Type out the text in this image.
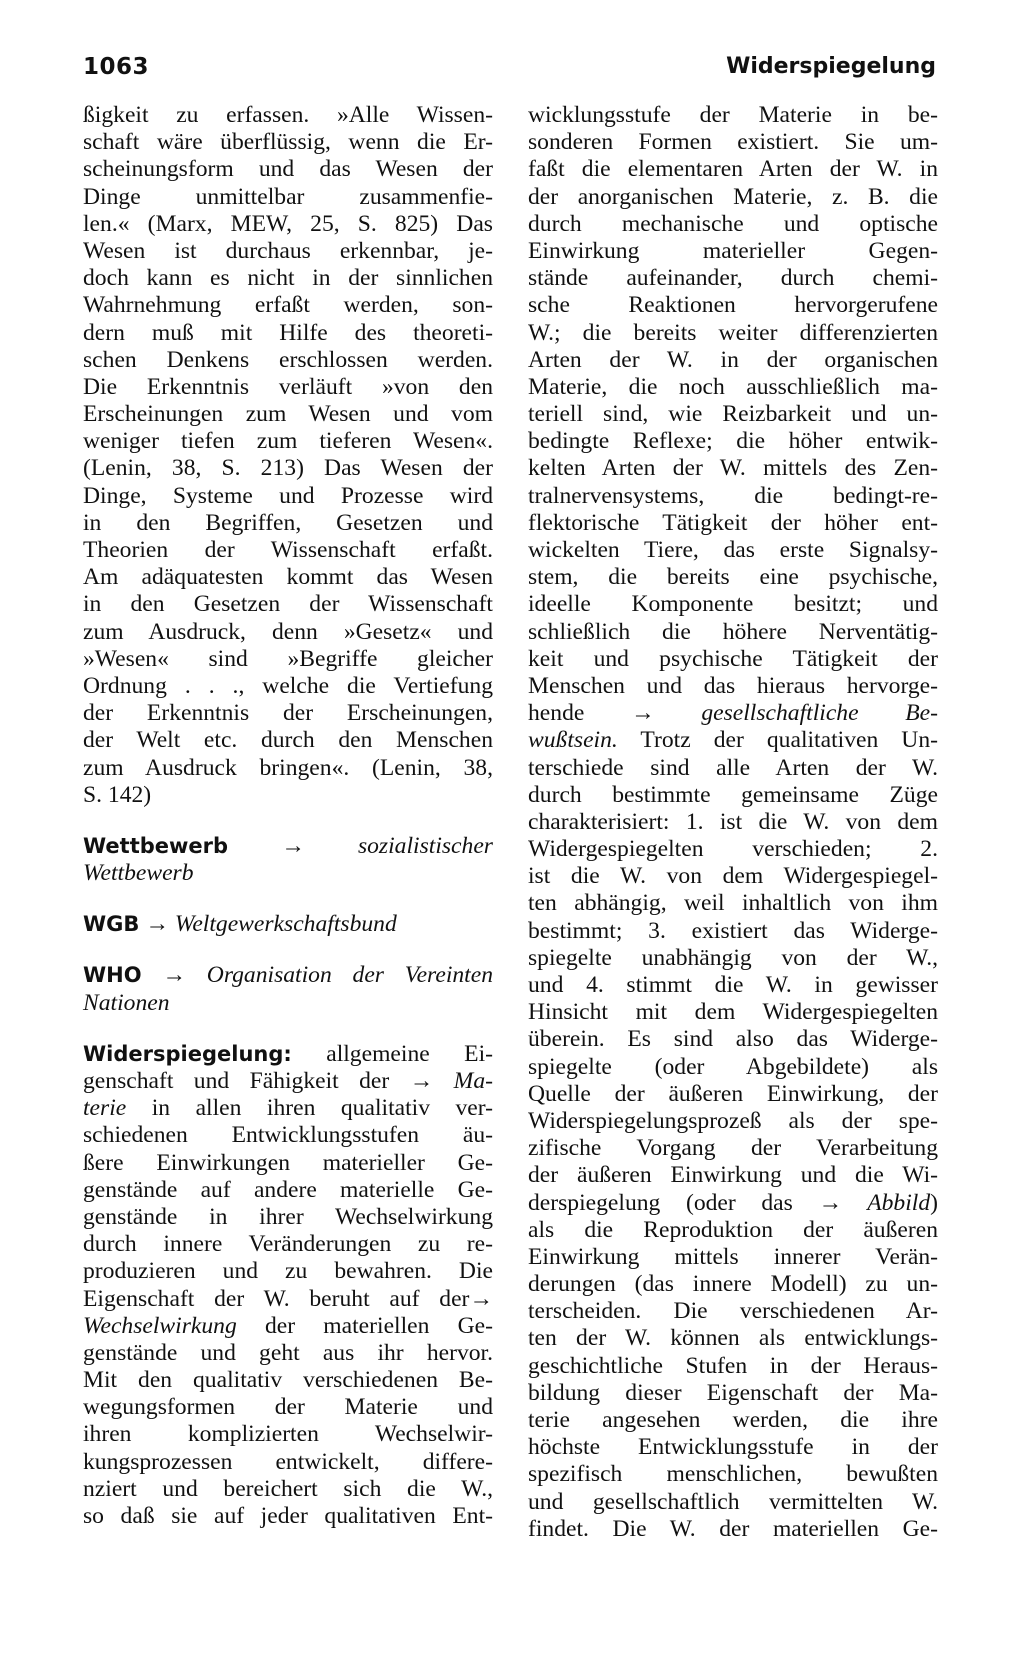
1063	Widerspiegelung
ßigkeit zu erfassen. »Alle Wissen-
schaft wäre überflüssig, wenn die Er-
scheinungsform und das Wesen der
Dinge unmittelbar zusammenfie-
len.« (Marx, MEW, 25, S. 825) Das
Wesen ist durchaus erkennbar, je-
doch kann es nicht in der sinnlichen
Wahrnehmung erfaßt werden, son-
dern muß mit Hilfe des theoreti-
schen Denkens erschlossen werden.
Die Erkenntnis verläuft »von den
Erscheinungen zum Wesen und vom
weniger tiefen zum tieferen Wesen«.
(Lenin, 38, S. 213) Das Wesen der
Dinge, Systeme und Prozesse wird
in den Begriffen, Gesetzen und
Theorien der Wissenschaft erfaßt.
Am adäquatesten kommt das Wesen
in den Gesetzen der Wissenschaft
zum Ausdruck, denn »Gesetz« und
»Wesen« sind »Begriffe gleicher
Ordnung . . ., welche die Vertiefung
der Erkenntnis der Erscheinungen,
der Welt etc. durch den Menschen
zum Ausdruck bringen«. (Lenin, 38,
S. 142)

Wettbewerb → sozialistischer
Wettbewerb

WGB → Weltgewerkschaftsbund

WHO → Organisation der Vereinten
Nationen

Widerspiegelung: allgemeine Ei-
genschaft und Fähigkeit der → Ma-
terie in allen ihren qualitativ ver-
schiedenen Entwicklungsstufen äu-
ßere Einwirkungen materieller Ge-
genstände auf andere materielle Ge-
genstände in ihrer Wechselwirkung
durch innere Veränderungen zu re-
produzieren und zu bewahren. Die
Eigenschaft der W. beruht auf der→
Wechselwirkung der materiellen Ge-
genstände und geht aus ihr hervor.
Mit den qualitativ verschiedenen Be-
wegungsformen der Materie und
ihren komplizierten Wechselwir-
kungsprozessen entwickelt, differe-
nziert und bereichert sich die W.,
so daß sie auf jeder qualitativen Ent-

wicklungsstufe der Materie in be-
sonderen Formen existiert. Sie um-
faßt die elementaren Arten der W. in
der anorganischen Materie, z. B. die
durch mechanische und optische
Einwirkung materieller Gegen-
stände aufeinander, durch chemi-
sche Reaktionen hervorgerufene
W.; die bereits weiter differenzierten
Arten der W. in der organischen
Materie, die noch ausschließlich ma-
teriell sind, wie Reizbarkeit und un-
bedingte Reflexe; die höher entwik-
kelten Arten der W. mittels des Zen-
tralnervensystems, die bedingt-re-
flektorische Tätigkeit der höher ent-
wickelten Tiere, das erste Signalsy-
stem, die bereits eine psychische,
ideelle Komponente besitzt; und
schließlich die höhere Nerventätig-
keit und psychische Tätigkeit der
Menschen und das hieraus hervorge-
hende → gesellschaftliche Be-
wußtsein. Trotz der qualitativen Un-
terschiede sind alle Arten der W.
durch bestimmte gemeinsame Züge
charakterisiert: 1. ist die W. von dem
Widergespiegelten verschieden; 2.
ist die W. von dem Widergespiegel-
ten abhängig, weil inhaltlich von ihm
bestimmt; 3. existiert das Widerge-
spiegelte unabhängig von der W.,
und 4. stimmt die W. in gewisser
Hinsicht mit dem Widergespiegelten
überein. Es sind also das Widerge-
spiegelte (oder Abgebildete) als
Quelle der äußeren Einwirkung, der
Widerspiegelungsprozeß als der spe-
zifische Vorgang der Verarbeitung
der äußeren Einwirkung und die Wi-
derspiegelung (oder das → Abbild)
als die Reproduktion der äußeren
Einwirkung mittels innerer Verän-
derungen (das innere Modell) zu un-
terscheiden. Die verschiedenen Ar-
ten der W. können als entwicklungs-
geschichtliche Stufen in der Heraus-
bildung dieser Eigenschaft der Ma-
terie angesehen werden, die ihre
höchste Entwicklungsstufe in der
spezifisch menschlichen, bewußten
und gesellschaftlich vermittelten W.
findet. Die W. der materiellen Ge-
